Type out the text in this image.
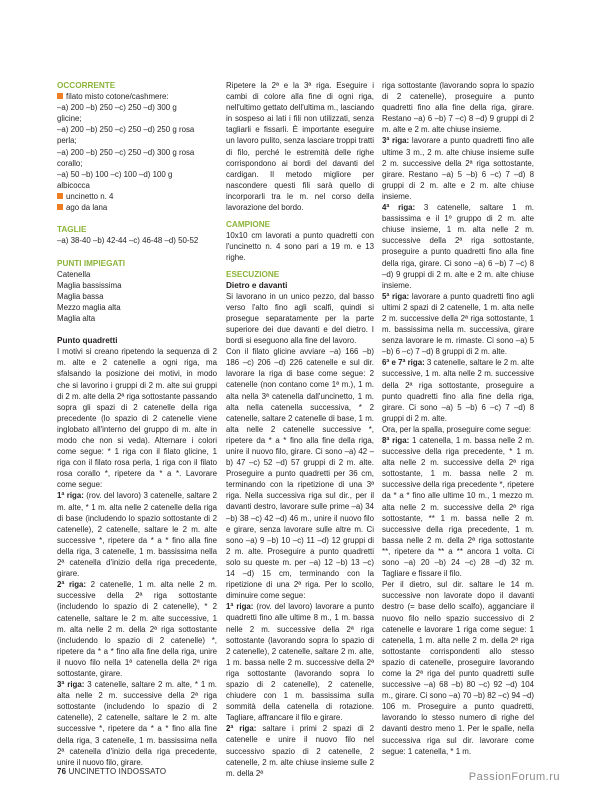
OCCORRENTE
filato misto cotone/cashmere:
–a) 200 –b) 250 –c) 250 –d) 300 g
glicine;
–a) 200 –b) 250 –c) 250 –d) 250 g rosa
perla;
–a) 200 –b) 250 –c) 250 –d) 300 g rosa
corallo;
–a) 50 –b) 100 –c) 100 –d) 100 g
albicocca
uncinetto n. 4
ago da lana
TAGLIE
–a) 38-40 –b) 42-44 –c) 46-48 –d) 50-52
PUNTI IMPIEGATI
Catenella
Maglia bassissima
Maglia bassa
Mezzo maglia alta
Maglia alta
Punto quadretti

I motivi si creano ripetendo la sequenza di 2 m. alte e 2 catenelle a ogni riga, ma sfalsando la posizione dei motivi, in modo che si lavorino i gruppi di 2 m. alte sui gruppi di 2 m. alte della 2ª riga sottostante passando sopra gli spazi di 2 catenelle della riga precedente (lo spazio di 2 catenelle viene inglobato all'interno del gruppo di m. alte in modo che non si veda). Alternare i colori come segue: * 1 riga con il filato glicine, 1 riga con il filato rosa perla, 1 riga con il filato rosa corallo *, ripetere da * a *. Lavorare come segue:

1ª riga: (rov. del lavoro) 3 catenelle, saltare 2 m. alte, * 1 m. alta nelle 2 catenelle della riga di base (includendo lo spazio sottostante di 2 catenelle), 2 catenelle, saltare le 2 m. alte successive *, ripetere da * a * fino alla fine della riga, 3 catenelle, 1 m. bassissima nella 2ª catenella d'inizio della riga precedente, girare.

2ª riga: 2 catenelle, 1 m. alta nelle 2 m. successive della 2ª riga sottostante (includendo lo spazio di 2 catenelle), * 2 catenelle, saltare le 2 m. alte successive, 1 m. alta nelle 2 m. della 2ª riga sottostante (includendo lo spazio di 2 catenelle) *, ripetere da * a * fino alla fine della riga, unire il nuovo filo nella 1ª catenella della 2ª riga sottostante, girare.

3ª riga: 3 catenelle, saltare 2 m. alte, * 1 m. alta nelle 2 m. successive della 2ª riga sottostante (includendo lo spazio di 2 catenelle), 2 catenelle, saltare le 2 m. alte successive *, ripetere da * a * fino alla fine della riga, 3 catenelle, 1 m. bassissima nella 2ª catenella d'inizio della riga precedente, unire il nuovo filo, girare.

Ripetere la 2ª e la 3ª riga. Eseguire i cambi di colore alla fine di ogni riga, nell'ultimo gettato dell'ultima m., lasciando in sospeso ai lati i fili non utilizzati, senza tagliarli e fissarli. È importante eseguire un lavoro pulito, senza lasciare troppi tratti di filo, perché le estremità delle righe corrispondono ai bordi del davanti del cardigan. Il metodo migliore per nascondere questi fili sarà quello di incorporarli tra le m. nel corso della lavorazione del bordo.

CAMPIONE

10x10 cm lavorati a punto quadretti con l'uncinetto n. 4 sono pari a 19 m. e 13 righe.

ESECUZIONE
Dietro e davanti

Si lavorano in un unico pezzo, dal basso verso l'alto fino agli scalfi, quindi si prosegue separatamente per la parte superiore dei due davanti e del dietro. I bordi si eseguono alla fine del lavoro.

Con il filato glicine avviare –a) 166 –b) 186 –c) 206 –d) 226 catenelle e sul dir. lavorare la riga di base come segue: 2 catenelle (non contano come 1ª m.), 1 m. alta nella 3ª catenella dall'uncinetto, 1 m. alta nella catenella successiva, * 2 catenelle, saltare 2 catenelle di base, 1 m. alta nelle 2 catenelle successive *, ripetere da * a * fino alla fine della riga, unire il nuovo filo, girare. Ci sono –a) 42 –b) 47 –c) 52 –d) 57 gruppi di 2 m. alte. Proseguire a punto quadretti per 36 cm, terminando con la ripetizione di una 3ª riga. Nella successiva riga sul dir., per il davanti destro, lavorare sulle prime –a) 34 –b) 38 –c) 42 –d) 46 m., unire il nuovo filo e girare, senza lavorare sulle altre m. Ci sono –a) 9 –b) 10 –c) 11 –d) 12 gruppi di 2 m. alte. Proseguire a punto quadretti solo su queste m. per –a) 12 –b) 13 –c) 14 –d) 15 cm, terminando con la ripetizione di una 2ª riga. Per lo scollo, diminuire come segue:

1ª riga: (rov. del lavoro) lavorare a punto quadretti fino alle ultime 8 m., 1 m. bassa nelle 2 m. successive della 2ª riga sottostante (lavorando sopra lo spazio di 2 catenelle), 2 catenelle, saltare 2 m. alte, 1 m. bassa nelle 2 m. successive della 2ª riga sottostante (lavorando sopra lo spazio di 2 catenelle), 2 catenelle, chiudere con 1 m. bassissima sulla sommità della catenella di rotazione. Tagliare, affrancare il filo e girare.

2ª riga: saltare i primi 2 spazi di 2 catenelle e unire il nuovo filo nel successivo spazio di 2 catenelle, 2 catenelle, 2 m. alte chiuse insieme sulle 2 m. della 2ª

riga sottostante (lavorando sopra lo spazio di 2 catenelle), proseguire a punto quadretti fino alla fine della riga, girare. Restano –a) 6 –b) 7 –c) 8 –d) 9 gruppi di 2 m. alte e 2 m. alte chiuse insieme.

3ª riga: lavorare a punto quadretti fino alle ultime 3 m., 2 m. alte chiuse insieme sulle 2 m. successive della 2ª riga sottostante, girare. Restano –a) 5 –b) 6 –c) 7 –d) 8 gruppi di 2 m. alte e 2 m. alte chiuse insieme.

4ª riga: 3 catenelle, saltare 1 m. bassissima e il 1º gruppo di 2 m. alte chiuse insieme, 1 m. alta nelle 2 m. successive della 2ª riga sottostante, proseguire a punto quadretti fino alla fine della riga, girare. Ci sono –a) 6 –b) 7 –c) 8 –d) 9 gruppi di 2 m. alte e 2 m. alte chiuse insieme.

5ª riga: lavorare a punto quadretti fino agli ultimi 2 spazi di 2 catenelle, 1 m. alta nelle 2 m. successive della 2ª riga sottostante, 1 m. bassissima nella m. successiva, girare senza lavorare le m. rimaste. Ci sono –a) 5 –b) 6 –c) 7 –d) 8 gruppi di 2 m. alte.

6ª e 7ª riga: 3 catenelle, saltare le 2 m. alte successive, 1 m. alta nelle 2 m. successive della 2ª riga sottostante, proseguire a punto quadretti fino alla fine della riga, girare. Ci sono –a) 5 –b) 6 –c) 7 –d) 8 gruppi di 2 m. alte.

Ora, per la spalla, proseguire come segue:

8ª riga: 1 catenella, 1 m. bassa nelle 2 m. successive della riga precedente, * 1 m. alta nelle 2 m. successive della 2ª riga sottostante, 1 m. bassa nelle 2 m. successive della riga precedente *, ripetere da * a * fino alle ultime 10 m., 1 mezzo m. alta nelle 2 m. successive della 2ª riga sottostante, ** 1 m. bassa nelle 2 m. successive della riga precedente, 1 m. bassa nelle 2 m. della 2ª riga sottostante **, ripetere da ** a ** ancora 1 volta. Ci sono –a) 20 –b) 24 –c) 28 –d) 32 m. Tagliare e fissare il filo.

Per il dietro, sul dir. saltare le 14 m. successive non lavorate dopo il davanti destro (= base dello scalfo), agganciare il nuovo filo nello spazio successivo di 2 catenelle e lavorare 1 riga come segue: 1 catenella, 1 m. alta nelle 2 m. della 2ª riga sottostante corrispondenti allo stesso spazio di catenelle, proseguire lavorando come la 2ª riga del punto quadretti sulle successive –a) 68 –b) 80 –c) 92 –d) 104 m., girare. Ci sono –a) 70 –b) 82 –c) 94 –d) 106 m. Proseguire a punto quadretti, lavorando lo stesso numero di righe del davanti destro meno 1. Per le spalle, nella successiva riga sul dir. lavorare come segue: 1 catenella, * 1 m.

76 UNCINETTO INDOSSATO	PassionForum.ru
